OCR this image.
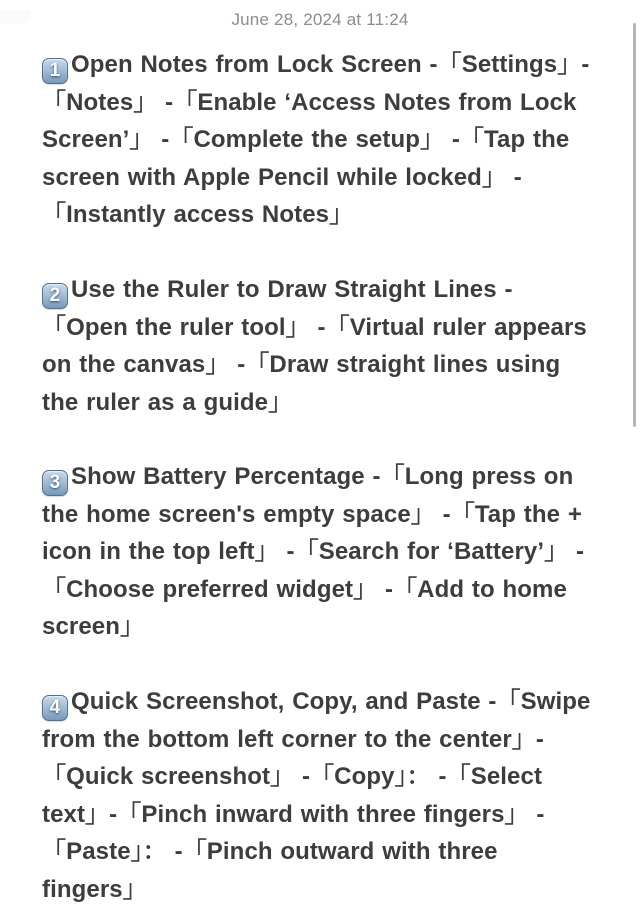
June 28, 2024 at 11:24

1 Open Notes from Lock Screen -「Settings」-「Notes」 -「Enable ‘Access Notes from Lock Screen’」 -「Complete the setup」 -「Tap the screen with Apple Pencil while locked」 -「Instantly access Notes」

2 Use the Ruler to Draw Straight Lines -「Open the ruler tool」 -「Virtual ruler appears on the canvas」 -「Draw straight lines using the ruler as a guide」

3 Show Battery Percentage -「Long press on the home screen's empty space」 -「Tap the + icon in the top left」 -「Search for ‘Battery’」 -「Choose preferred widget」 -「Add to home screen」

4 Quick Screenshot, Copy, and Paste -「Swipe from the bottom left corner to the center」-「Quick screenshot」 -「Copy」： -「Select text」-「Pinch inward with three fingers」 -「Paste」： -「Pinch outward with three fingers」
